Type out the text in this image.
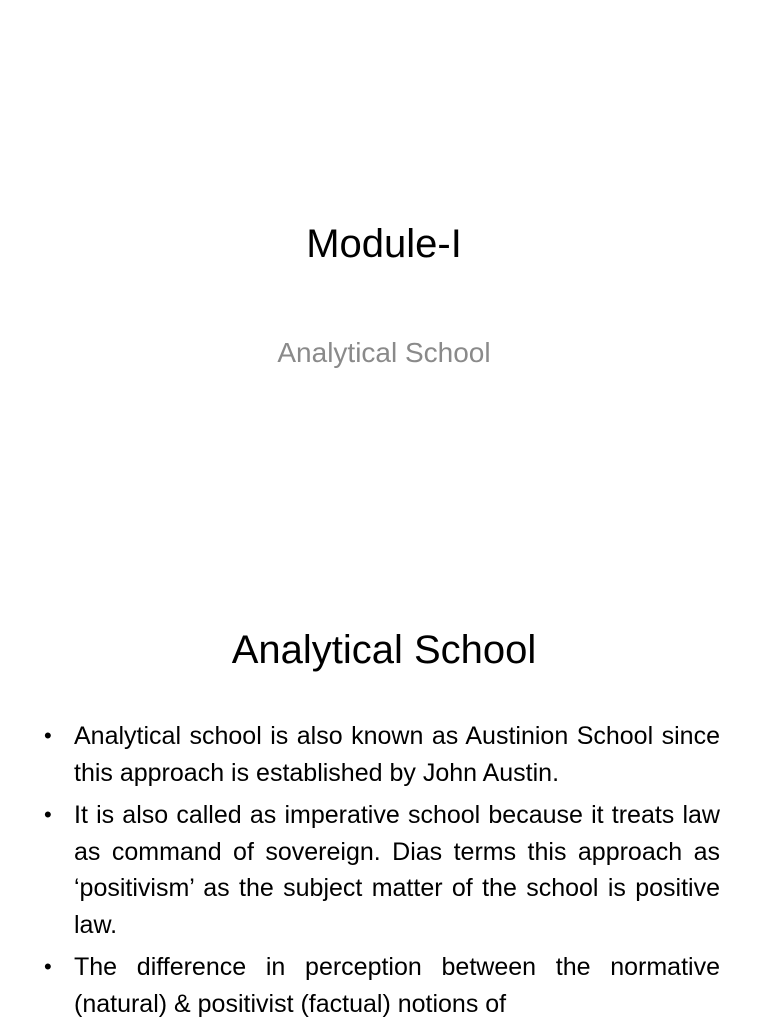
Module-I

Analytical School

Analytical School
• Analytical school is also known as Austinion School since this approach is established by John Austin.
• It is also called as imperative school because it treats law as command of sovereign. Dias terms this approach as ‘positivism’ as the subject matter of the school is positive law.
• The difference in perception between the normative (natural) & positivist (factual) notions of
